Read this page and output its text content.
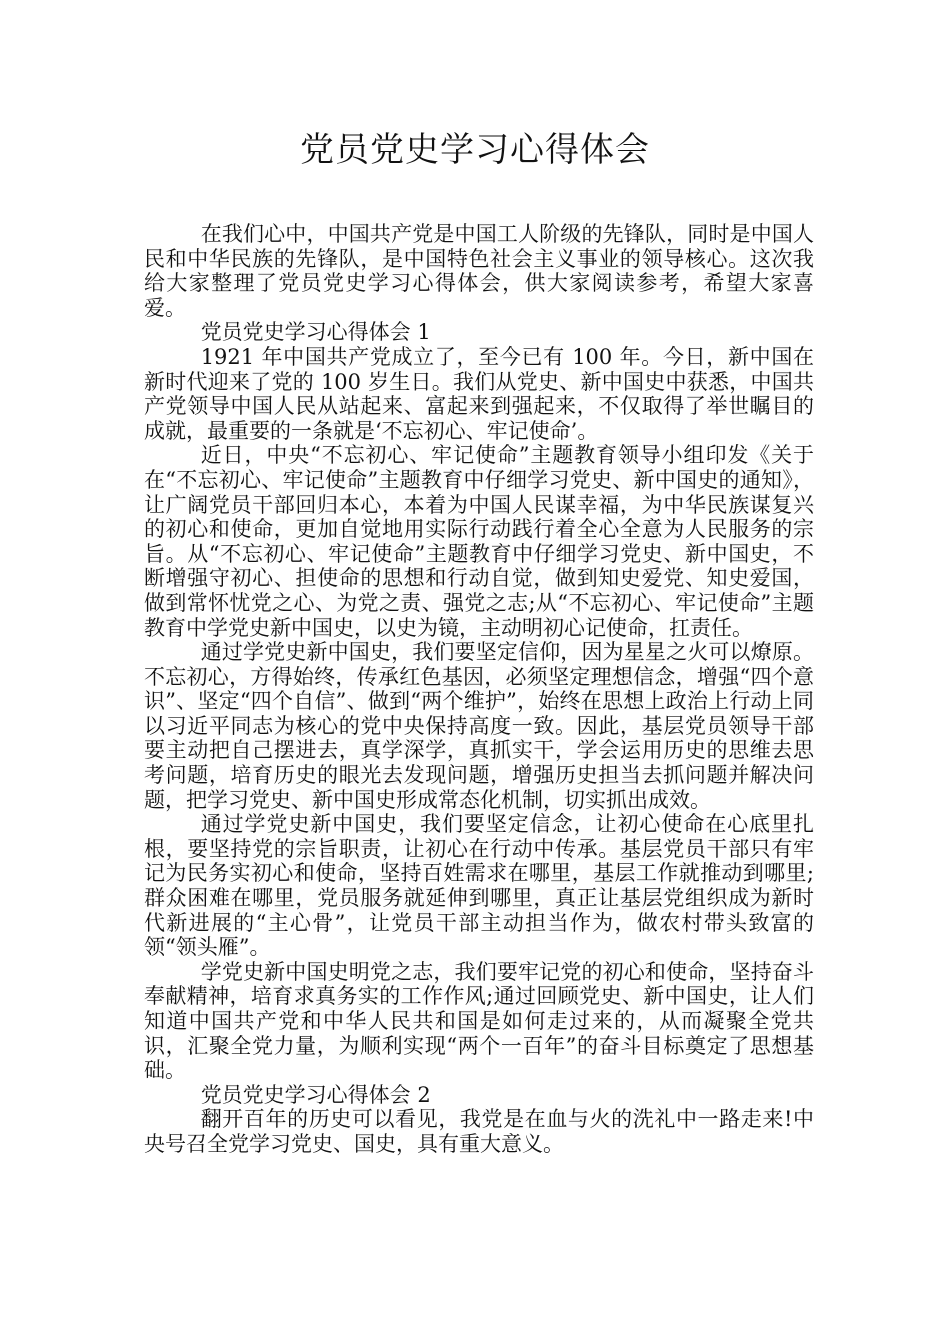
党员党史学习心得体会

在我们心中，中国共产党是中国工人阶级的先锋队，同时是中国人民和中华民族的先锋队，是中国特色社会主义事业的领导核心。这次我给大家整理了党员党史学习心得体会，供大家阅读参考，希望大家喜爱。

党员党史学习心得体会 1

1921 年中国共产党成立了，至今已有 100 年。今日，新中国在新时代迎来了党的 100 岁生日。我们从党史、新中国史中获悉，中国共产党领导中国人民从站起来、富起来到强起来，不仅取得了举世瞩目的成就，最重要的一条就是‘不忘初心、牢记使命’。

近日，中央“不忘初心、牢记使命”主题教育领导小组印发《关于在“不忘初心、牢记使命”主题教育中仔细学习党史、新中国史的通知》，让广阔党员干部回归本心，本着为中国人民谋幸福，为中华民族谋复兴的初心和使命，更加自觉地用实际行动践行着全心全意为人民服务的宗旨。从“不忘初心、牢记使命”主题教育中仔细学习党史、新中国史，不断增强守初心、担使命的思想和行动自觉，做到知史爱党、知史爱国，做到常怀忧党之心、为党之责、强党之志;从“不忘初心、牢记使命”主题教育中学党史新中国史，以史为镜，主动明初心记使命，扛责任。

通过学党史新中国史，我们要坚定信仰，因为星星之火可以燎原。不忘初心，方得始终，传承红色基因，必须坚定理想信念，增强“四个意识”、坚定“四个自信”、做到“两个维护”，始终在思想上政治上行动上同以习近平同志为核心的党中央保持高度一致。因此，基层党员领导干部要主动把自己摆进去，真学深学，真抓实干，学会运用历史的思维去思考问题，培育历史的眼光去发现问题，增强历史担当去抓问题并解决问题，把学习党史、新中国史形成常态化机制，切实抓出成效。

通过学党史新中国史，我们要坚定信念，让初心使命在心底里扎根，要坚持党的宗旨职责，让初心在行动中传承。基层党员干部只有牢记为民务实初心和使命，坚持百姓需求在哪里，基层工作就推动到哪里;群众困难在哪里，党员服务就延伸到哪里，真正让基层党组织成为新时代新进展的“主心骨”，让党员干部主动担当作为，做农村带头致富的领“领头雁”。

学党史新中国史明党之志，我们要牢记党的初心和使命，坚持奋斗奉献精神，培育求真务实的工作作风;通过回顾党史、新中国史，让人们知道中国共产党和中华人民共和国是如何走过来的，从而凝聚全党共识，汇聚全党力量，为顺利实现“两个一百年”的奋斗目标奠定了思想基础。

党员党史学习心得体会 2

翻开百年的历史可以看见，我党是在血与火的洗礼中一路走来!中央号召全党学习党史、国史，具有重大意义。
